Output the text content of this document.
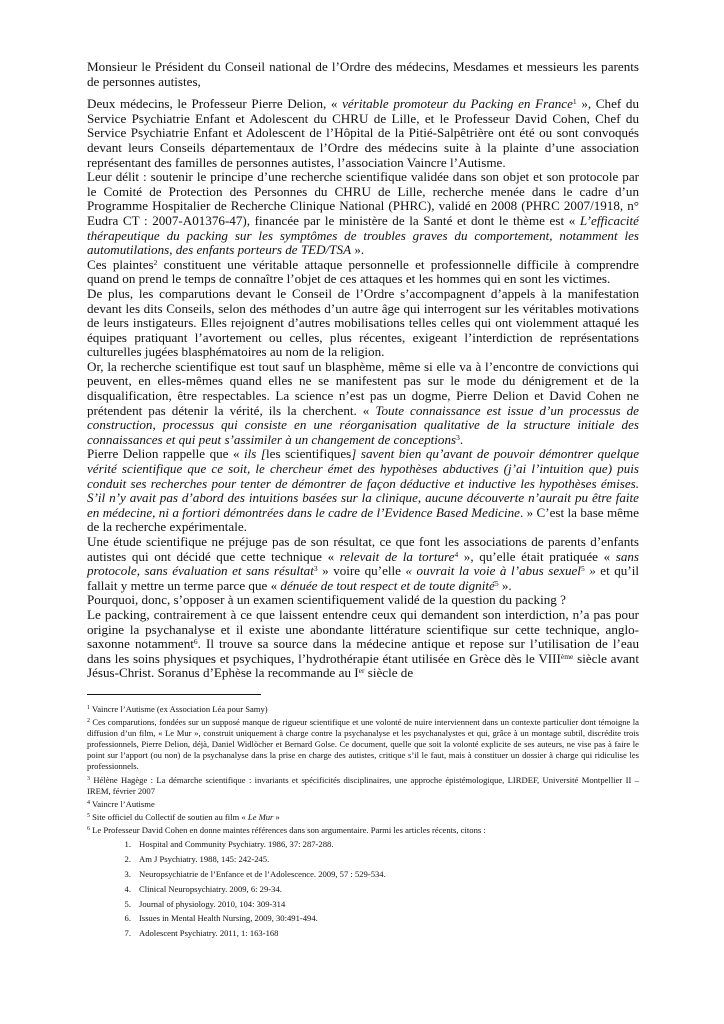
Monsieur le Président du Conseil national de l’Ordre des médecins, Mesdames et messieurs les parents de personnes autistes,

Deux médecins, le Professeur Pierre Delion, « véritable promoteur du Packing en France$^1$ », Chef du Service Psychiatrie Enfant et Adolescent du CHRU de Lille, et le Professeur David Cohen, Chef du Service Psychiatrie Enfant et Adolescent de l’Hôpital de la Pitié-Salpêtrière ont été ou sont convoqués devant leurs Conseils départementaux de l’Ordre des médecins suite à la plainte d’une association représentant des familles de personnes autistes, l’association Vaincre l’Autisme.

Leur délit : soutenir le principe d’une recherche scientifique validée dans son objet et son protocole par le Comité de Protection des Personnes du CHRU de Lille, recherche menée dans le cadre d’un Programme Hospitalier de Recherche Clinique National (PHRC), validé en 2008 (PHRC 2007/1918, n° Eudra CT : 2007-A01376-47), financée par le ministère de la Santé et dont le thème est « L’efficacité thérapeutique du packing sur les symptômes de troubles graves du comportement, notamment les automutilations, des enfants porteurs de TED/TSA ».

Ces plaintes$^2$ constituent une véritable attaque personnelle et professionnelle difficile à comprendre quand on prend le temps de connaître l’objet de ces attaques et les hommes qui en sont les victimes.

De plus, les comparutions devant le Conseil de l’Ordre s’accompagnent d’appels à la manifestation devant les dits Conseils, selon des méthodes d’un autre âge qui interrogent sur les véritables motivations de leurs instigateurs. Elles rejoignent d’autres mobilisations telles celles qui ont violemment attaqué les équipes pratiquant l’avortement ou celles, plus récentes, exigeant l’interdiction de représentations culturelles jugées blasphématoires au nom de la religion.

Or, la recherche scientifique est tout sauf un blasphème, même si elle va à l’encontre de convictions qui peuvent, en elles-mêmes quand elles ne se manifestent pas sur le mode du dénigrement et de la disqualification, être respectables. La science n’est pas un dogme, Pierre Delion et David Cohen ne prétendent pas détenir la vérité, ils la cherchent. « Toute connaissance est issue d’un processus de construction, processus qui consiste en une réorganisation qualitative de la structure initiale des connaissances et qui peut s’assimiler à un changement de conceptions$^3$.

Pierre Delion rappelle que « ils [les scientifiques] savent bien qu’avant de pouvoir démontrer quelque vérité scientifique que ce soit, le chercheur émet des hypothèses abductives (j’ai l’intuition que) puis conduit ses recherches pour tenter de démontrer de façon déductive et inductive les hypothèses émises. S’il n’y avait pas d’abord des intuitions basées sur la clinique, aucune découverte n’aurait pu être faite en médecine, ni a fortiori démontrées dans le cadre de l’Evidence Based Medicine. » C’est la base même de la recherche expérimentale.

Une étude scientifique ne préjuge pas de son résultat, ce que font les associations de parents d’enfants autistes qui ont décidé que cette technique « relevait de la torture$^4$ », qu’elle était pratiquée « sans protocole, sans évaluation et sans résultat$^3$ » voire qu’elle « ouvrait la voie à l’abus sexuel$^5$ » et qu’il fallait y mettre un terme parce que « dénuée de tout respect et de toute dignité$^5$ ».

Pourquoi, donc, s’opposer à un examen scientifiquement validé de la question du packing ?

Le packing, contrairement à ce que laissent entendre ceux qui demandent son interdiction, n’a pas pour origine la psychanalyse et il existe une abondante littérature scientifique sur cette technique, anglo-saxonne notamment$^6$. Il trouve sa source dans la médecine antique et repose sur l’utilisation de l’eau dans les soins physiques et psychiques, l’hydrothérapie étant utilisée en Grèce dès le VIIIème siècle avant Jésus-Christ. Soranus d’Ephèse la recommande au Ier siècle de

$^1$ Vaincre l’Autisme (ex Association Léa pour Samy)

$^2$ Ces comparutions, fondées sur un supposé manque de rigueur scientifique et une volonté de nuire interviennent dans un contexte particulier dont témoigne la diffusion d’un film, « Le Mur », construit uniquement à charge contre la psychanalyse et les psychanalystes et qui, grâce à un montage subtil, discrédite trois professionnels, Pierre Delion, déjà, Daniel Widlöcher et Bernard Golse. Ce document, quelle que soit la volonté explicite de ses auteurs, ne vise pas à faire le point sur l’apport (ou non) de la psychanalyse dans la prise en charge des autistes, critique s’il le faut, mais à constituer un dossier à charge qui ridiculise les professionnels.

$^3$ Hélène Hagège : La démarche scientifique : invariants et spécificités disciplinaires, une approche épistémologique, LIRDEF, Université Montpellier II – IREM, février 2007

$^4$ Vaincre l’Autisme

$^5$ Site officiel du Collectif de soutien au film « Le Mur »

$^6$ Le Professeur David Cohen en donne maintes références dans son argumentaire. Parmi les articles récents, citons :

1. Hospital and Community Psychiatry. 1986, 37: 287-288.
2. Am J Psychiatry. 1988, 145: 242-245.
3. Neuropsychiatrie de l’Enfance et de l’Adolescence. 2009, 57 : 529-534.
4. Clinical Neuropsychiatry. 2009, 6: 29-34.
5. Journal of physiology. 2010, 104: 309-314
6. Issues in Mental Health Nursing, 2009, 30:491-494.
7. Adolescent Psychiatry. 2011, 1: 163-168
